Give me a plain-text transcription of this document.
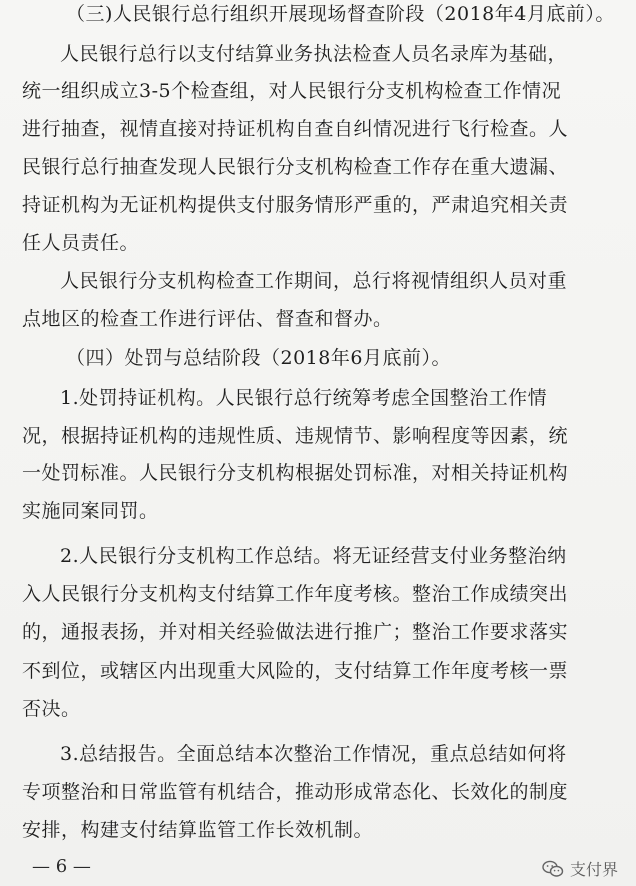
（三)人民银行总行组织开展现场督查阶段（2018年4月底前）。
人民银行总行以支付结算业务执法检查人员名录库为基础，
统一组织成立3-5个检查组，对人民银行分支机构检查工作情况
进行抽查，视情直接对持证机构自查自纠情况进行飞行检查。人
民银行总行抽查发现人民银行分支机构检查工作存在重大遗漏、
持证机构为无证机构提供支付服务情形严重的，严肃追究相关责
任人员责任。
人民银行分支机构检查工作期间，总行将视情组织人员对重
点地区的检查工作进行评估、督查和督办。
（四）处罚与总结阶段（2018年6月底前）。
1.处罚持证机构。人民银行总行统筹考虑全国整治工作情
况，根据持证机构的违规性质、违规情节、影响程度等因素，统
一处罚标准。人民银行分支机构根据处罚标准，对相关持证机构
实施同案同罚。
2.人民银行分支机构工作总结。将无证经营支付业务整治纳
入人民银行分支机构支付结算工作年度考核。整治工作成绩突出
的，通报表扬，并对相关经验做法进行推广；整治工作要求落实
不到位，或辖区内出现重大风险的，支付结算工作年度考核一票
否决。
3.总结报告。全面总结本次整治工作情况，重点总结如何将
专项整治和日常监管有机结合，推动形成常态化、长效化的制度
安排，构建支付结算监管工作长效机制。
— 6 —	支付界
